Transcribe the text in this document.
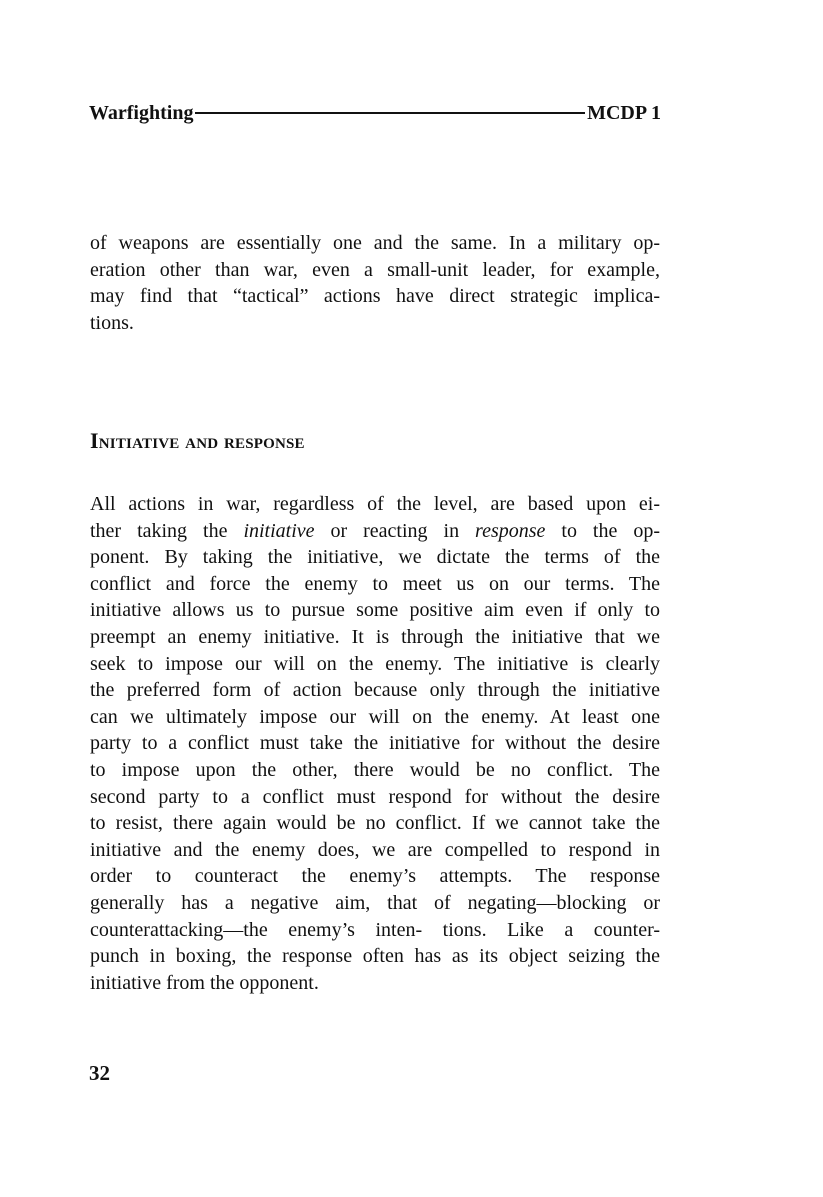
Warfighting	MCDP 1
of weapons are essentially one and the same. In a military op-
eration other than war, even a small-unit leader, for example,
may find that “tactical” actions have direct strategic implica-
tions.
Initiative and response
All actions in war, regardless of the level, are based upon ei-
ther taking the initiative or reacting in response to the op-
ponent. By taking the initiative, we dictate the terms of the
conflict and force the enemy to meet us on our terms. The
initiative allows us to pursue some positive aim even if only to
preempt an enemy initiative. It is through the initiative that we
seek to impose our will on the enemy. The initiative is clearly
the preferred form of action because only through the initiative
can we ultimately impose our will on the enemy. At least one
party to a conflict must take the initiative for without the desire
to impose upon the other, there would be no conflict. The
second party to a conflict must respond for without the desire
to resist, there again would be no conflict. If we cannot take the
initiative and the enemy does, we are compelled to respond in
order to counteract the enemy’s attempts. The response
generally has a negative aim, that of negating—blocking or
counterattacking—the enemy’s inten- tions. Like a counter-
punch in boxing, the response often has as its object seizing the
initiative from the opponent.
32
